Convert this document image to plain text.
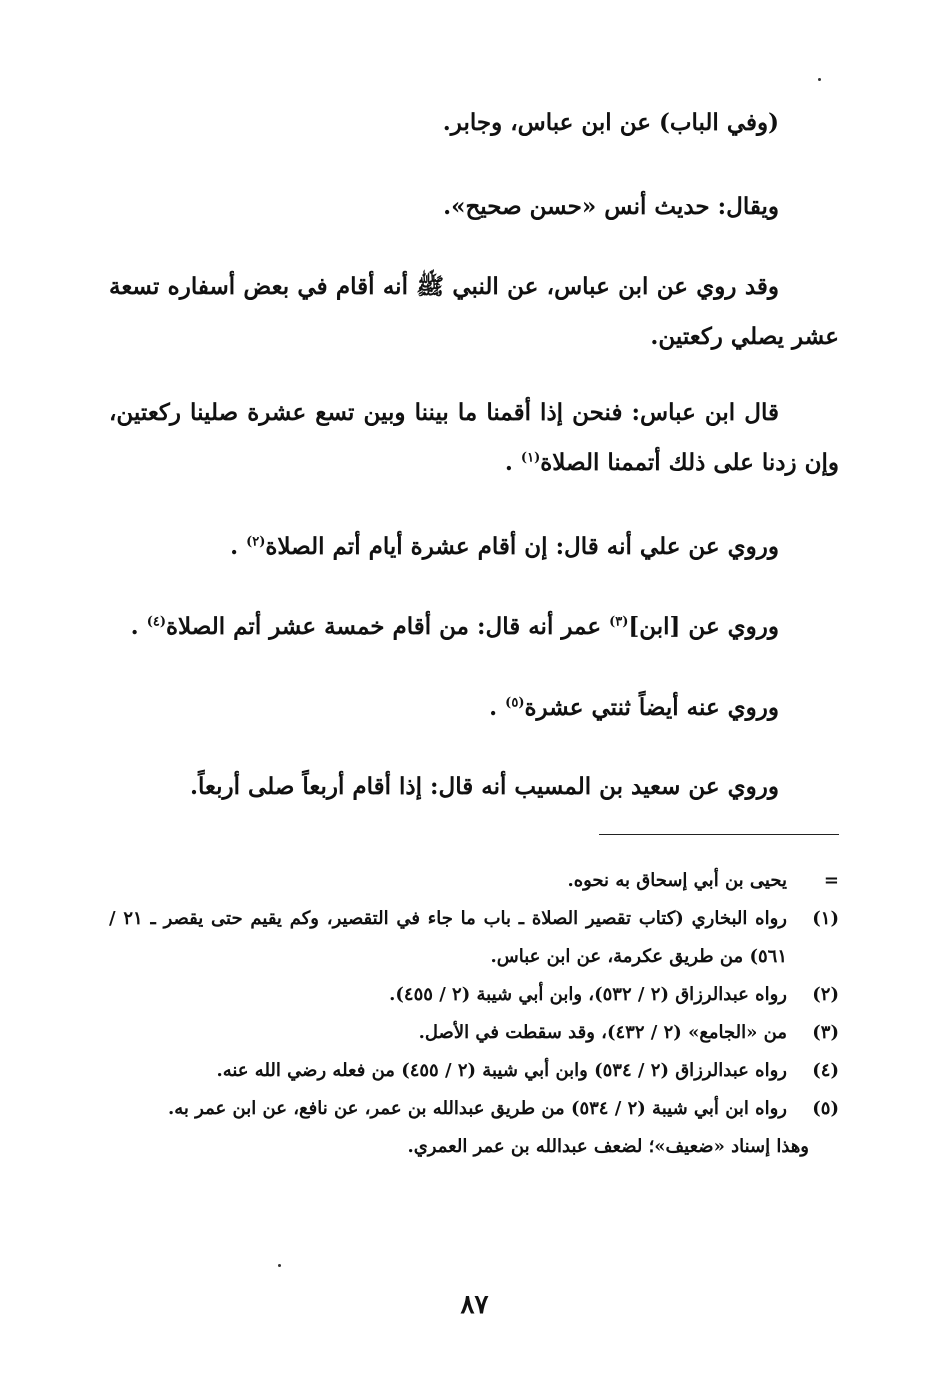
(وفي الباب) عن ابن عباس، وجابر.

ويقال: حديث أنس «حسن صحيح».

وقد روي عن ابن عباس، عن النبي ﷺ أنه أقام في بعض أسفاره تسعة عشر يصلي ركعتين.

قال ابن عباس: فنحن إذا أقمنا ما بيننا وبين تسع عشرة صلينا ركعتين، وإن زدنا على ذلك أتممنا الصلاة$^{(١)}$ .

وروي عن علي أنه قال: إن أقام عشرة أيام أتم الصلاة$^{(٢)}$ .

وروي عن [ابن]$^{(٣)}$ عمر أنه قال: من أقام خمسة عشر أتم الصلاة$^{(٤)}$ .

وروي عنه أيضاً ثنتي عشرة$^{(٥)}$ .

وروي عن سعيد بن المسيب أنه قال: إذا أقام أربعاً صلى أربعاً.

=
يحيى بن أبي إسحاق به نحوه.
(١)
رواه البخاري (كتاب تقصير الصلاة ـ باب ما جاء في التقصير، وكم يقيم حتى يقصر ـ ٢١ / ٥٦١) من طريق عكرمة، عن ابن عباس.
(٢)
رواه عبدالرزاق (٢ / ٥٣٢)، وابن أبي شيبة (٢ / ٤٥٥).
(٣)
من «الجامع» (٢ / ٤٣٢)، وقد سقطت في الأصل.
(٤)
رواه عبدالرزاق (٢ / ٥٣٤) وابن أبي شيبة (٢ / ٤٥٥) من فعله رضي الله عنه.
(٥)
رواه ابن أبي شيبة (٢ / ٥٣٤) من طريق عبدالله بن عمر، عن نافع، عن ابن عمر به.
وهذا إسناد «ضعيف»؛ لضعف عبدالله بن عمر العمري.
٨٧
